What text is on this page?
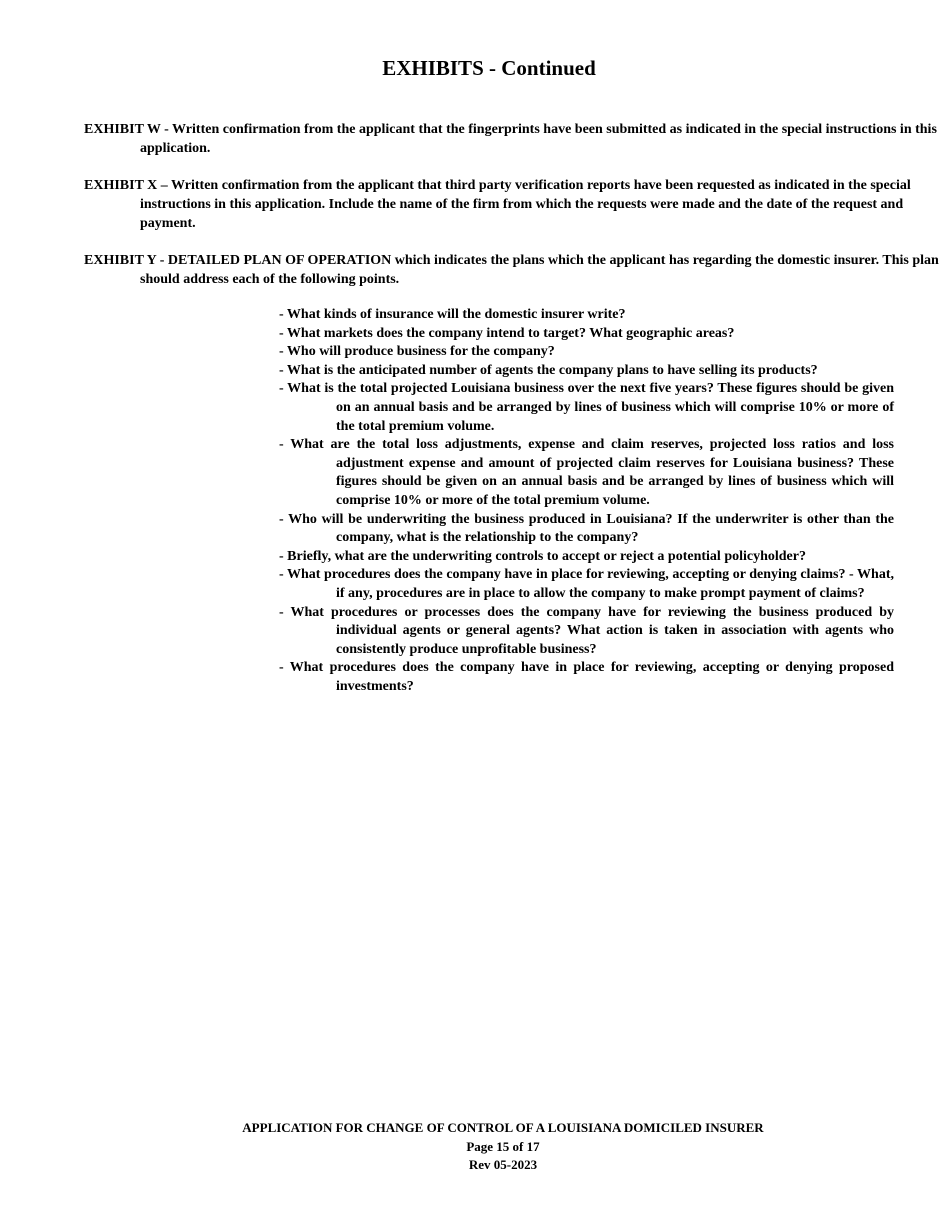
EXHIBITS - Continued

EXHIBIT W - Written confirmation from the applicant that the fingerprints have been submitted as indicated in the special instructions in this application.

EXHIBIT X – Written confirmation from the applicant that third party verification reports have been requested as indicated in the special instructions in this application. Include the name of the firm from which the requests were made and the date of the request and payment.

EXHIBIT Y - DETAILED PLAN OF OPERATION which indicates the plans which the applicant has regarding the domestic insurer. This plan should address each of the following points.

- What kinds of insurance will the domestic insurer write?
- What markets does the company intend to target? What geographic areas?
- Who will produce business for the company?
- What is the anticipated number of agents the company plans to have selling its products?
- What is the total projected Louisiana business over the next five years? These figures should be given on an annual basis and be arranged by lines of business which will comprise 10% or more of the total premium volume.
- What are the total loss adjustments, expense and claim reserves, projected loss ratios and loss adjustment expense and amount of projected claim reserves for Louisiana business? These figures should be given on an annual basis and be arranged by lines of business which will comprise 10% or more of the total premium volume.
- Who will be underwriting the business produced in Louisiana? If the underwriter is other than the company, what is the relationship to the company?
- Briefly, what are the underwriting controls to accept or reject a potential policyholder?
- What procedures does the company have in place for reviewing, accepting or denying claims? - What, if any, procedures are in place to allow the company to make prompt payment of claims?
- What procedures or processes does the company have for reviewing the business produced by individual agents or general agents? What action is taken in association with agents who consistently produce unprofitable business?
- What procedures does the company have in place for reviewing, accepting or denying proposed investments?
APPLICATION FOR CHANGE OF CONTROL OF A LOUISIANA DOMICILED INSURER
Page 15 of 17
Rev 05-2023
